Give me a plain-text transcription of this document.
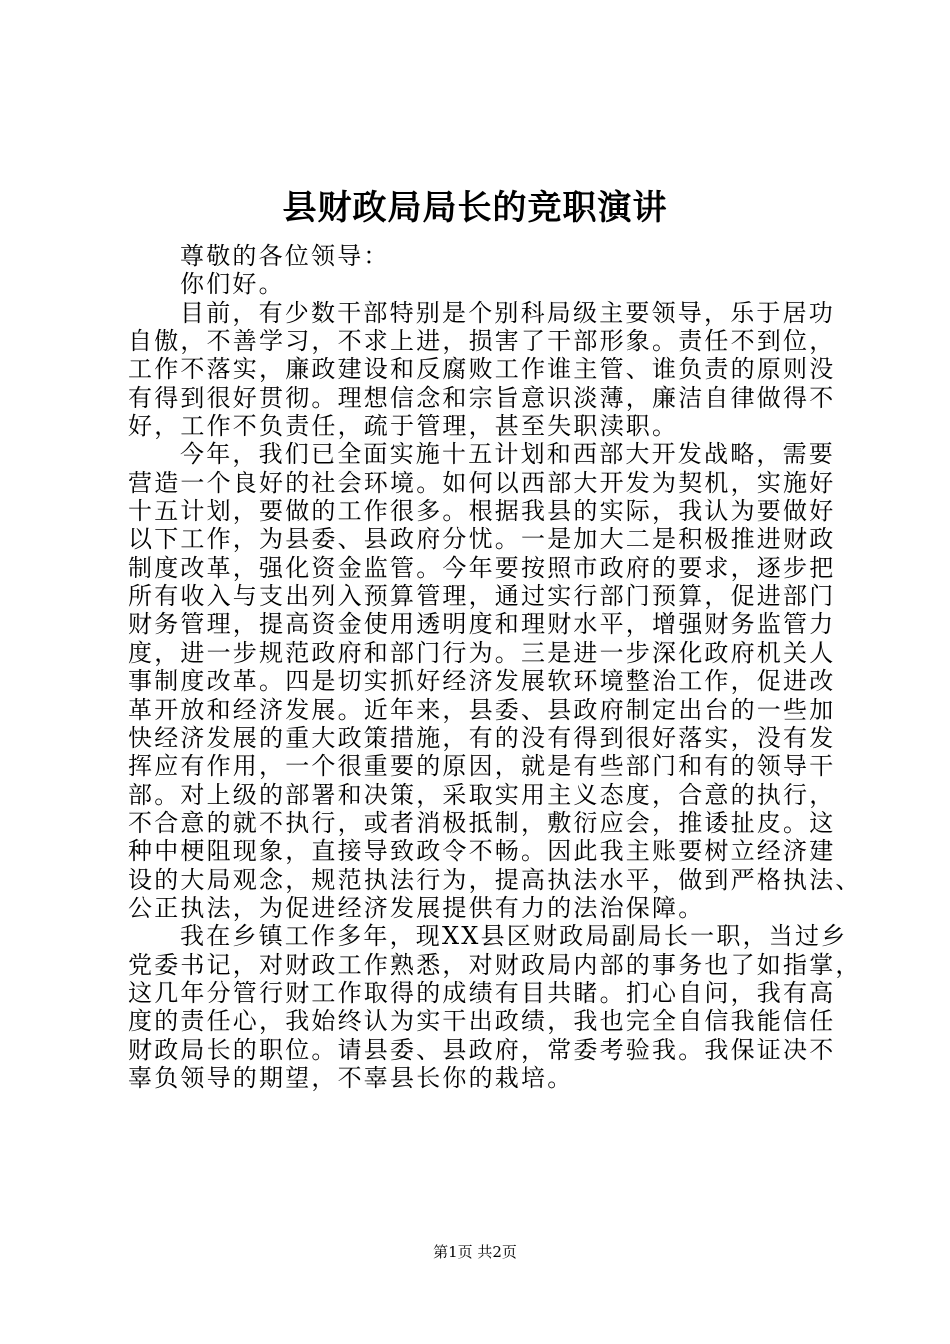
县财政局局长的竞职演讲
尊敬的各位领导：
你们好。
目前，有少数干部特别是个别科局级主要领导，乐于居功
自傲，不善学习，不求上进，损害了干部形象。责任不到位，
工作不落实，廉政建设和反腐败工作谁主管、谁负责的原则没
有得到很好贯彻。理想信念和宗旨意识淡薄，廉洁自律做得不
好，工作不负责任，疏于管理，甚至失职渎职。
今年，我们已全面实施十五计划和西部大开发战略，需要
营造一个良好的社会环境。如何以西部大开发为契机，实施好
十五计划，要做的工作很多。根据我县的实际，我认为要做好
以下工作，为县委、县政府分忧。一是加大二是积极推进财政
制度改革，强化资金监管。今年要按照市政府的要求，逐步把
所有收入与支出列入预算管理，通过实行部门预算，促进部门
财务管理，提高资金使用透明度和理财水平，增强财务监管力
度，进一步规范政府和部门行为。三是进一步深化政府机关人
事制度改革。四是切实抓好经济发展软环境整治工作，促进改
革开放和经济发展。近年来，县委、县政府制定出台的一些加
快经济发展的重大政策措施，有的没有得到很好落实，没有发
挥应有作用，一个很重要的原因，就是有些部门和有的领导干
部。对上级的部署和决策，采取实用主义态度，合意的执行，
不合意的就不执行，或者消极抵制，敷衍应会，推诿扯皮。这
种中梗阻现象，直接导致政令不畅。因此我主账要树立经济建
设的大局观念，规范执法行为，提高执法水平，做到严格执法、
公正执法，为促进经济发展提供有力的法治保障。
我在乡镇工作多年，现XX县区财政局副局长一职，当过乡
党委书记，对财政工作熟悉，对财政局内部的事务也了如指掌，
这几年分管行财工作取得的成绩有目共睹。扪心自问，我有高
度的责任心，我始终认为实干出政绩，我也完全自信我能信任
财政局长的职位。请县委、县政府，常委考验我。我保证决不
辜负领导的期望，不辜县长你的栽培。
第1页 共2页
